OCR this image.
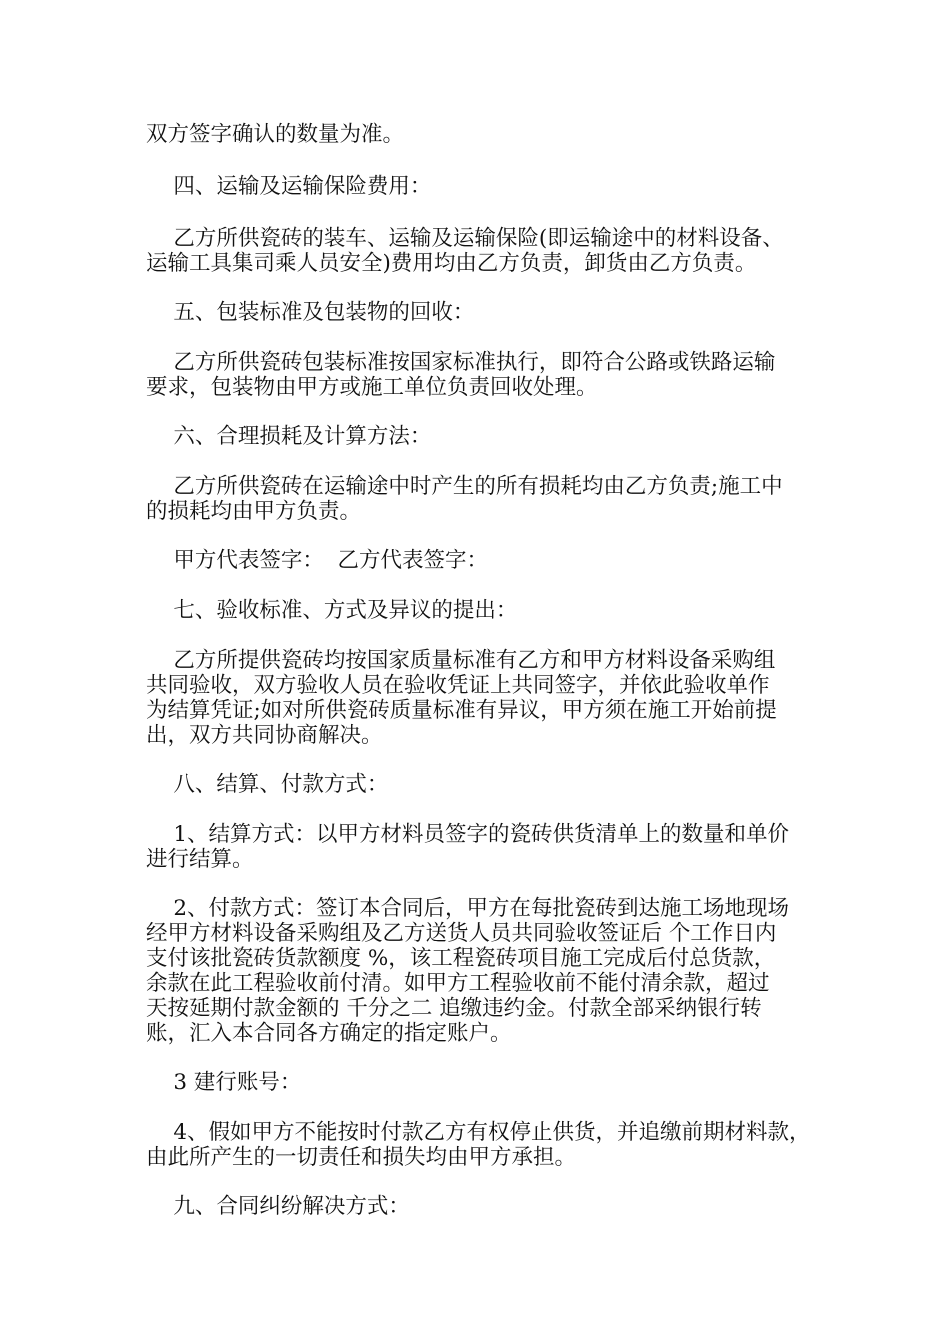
双方签字确认的数量为准。
四、运输及运输保险费用：
乙方所供瓷砖的装车、运输及运输保险(即运输途中的材料设备、
运输工具集司乘人员安全)费用均由乙方负责，卸货由乙方负责。
五、包装标准及包装物的回收：
乙方所供瓷砖包装标准按国家标准执行，即符合公路或铁路运输
要求，包装物由甲方或施工单位负责回收处理。
六、合理损耗及计算方法：
乙方所供瓷砖在运输途中时产生的所有损耗均由乙方负责;施工中
的损耗均由甲方负责。
甲方代表签字：  乙方代表签字：
七、验收标准、方式及异议的提出：
乙方所提供瓷砖均按国家质量标准有乙方和甲方材料设备采购组
共同验收，双方验收人员在验收凭证上共同签字，并依此验收单作
为结算凭证;如对所供瓷砖质量标准有异议，甲方须在施工开始前提
出，双方共同协商解决。
八、结算、付款方式：
1、结算方式：以甲方材料员签字的瓷砖供货清单上的数量和单价
进行结算。
2、付款方式：签订本合同后，甲方在每批瓷砖到达施工场地现场
经甲方材料设备采购组及乙方送货人员共同验收签证后 个工作日内
支付该批瓷砖货款额度 %，该工程瓷砖项目施工完成后付总货款，
余款在此工程验收前付清。如甲方工程验收前不能付清余款，超过
天按延期付款金额的 千分之二 追缴违约金。付款全部采纳银行转
账，汇入本合同各方确定的指定账户。
3 建行账号：
4、假如甲方不能按时付款乙方有权停止供货，并追缴前期材料款，
由此所产生的一切责任和损失均由甲方承担。
九、合同纠纷解决方式：
